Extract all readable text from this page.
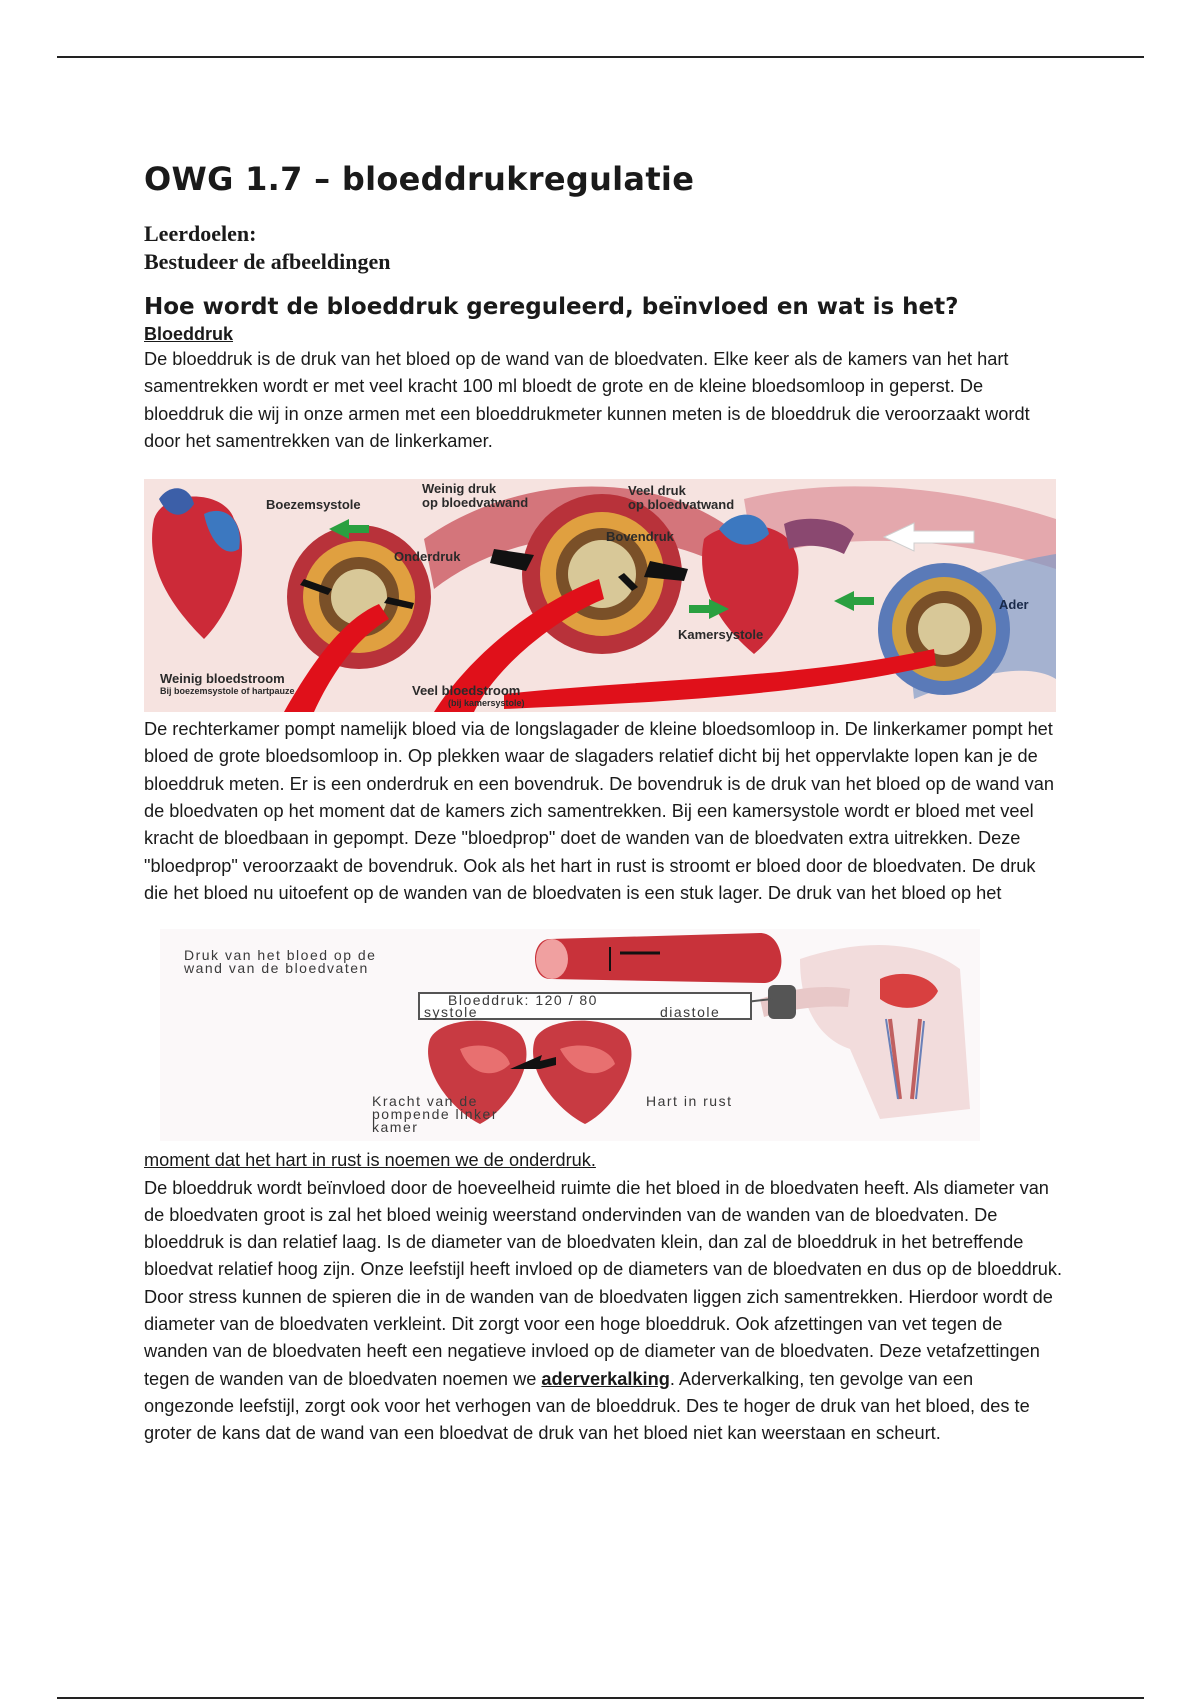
OWG 1.7 – bloeddrukregulatie

Leerdoelen:

Bestudeer de afbeeldingen

Hoe wordt de bloeddruk gereguleerd, beïnvloed en wat is het?

Bloeddruk

De bloeddruk is de druk van het bloed op de wand van de bloedvaten. Elke keer als de kamers van het hart samentrekken wordt er met veel kracht 100 ml bloedt de grote en de kleine bloedsomloop in geperst. De bloeddruk die wij in onze armen met een bloeddrukmeter kunnen meten is de bloeddruk die veroorzaakt wordt door het samentrekken van de linkerkamer.

Boezemsystole
Weinig druk
op bloedvatwand
Veel druk
op bloedvatwand
Onderdruk
Bovendruk
Kamersystole
Ader
Weinig bloedstroom
Bij boezemsystole of hartpauze	Veel bloedstroom
(bij kamersystole)

De rechterkamer pompt namelijk bloed via de longslagader de kleine bloedsomloop in. De linkerkamer pompt het bloed de grote bloedsomloop in. Op plekken waar de slagaders relatief dicht bij het oppervlakte lopen kan je de bloeddruk meten. Er is een onderdruk en een bovendruk. De bovendruk is de druk van het bloed op de wand van de bloedvaten op het moment dat de kamers zich samentrekken. Bij een kamersystole wordt er bloed met veel kracht de bloedbaan in gepompt. Deze "bloedprop" doet de wanden van de bloedvaten extra uitrekken. Deze "bloedprop" veroorzaakt de bovendruk. Ook als het hart in rust is stroomt er bloed door de bloedvaten. De druk die het bloed nu uitoefent op de wanden van de bloedvaten is een stuk lager. De druk van het bloed op het

Druk van het bloed op de
wand van de bloedvaten
Bloeddruk: 120 / 80
systole	diastole
Kracht van de
pompende linker
kamer
Hart in rust

moment dat het hart in rust is noemen we de onderdruk.

De bloeddruk wordt beïnvloed door de hoeveelheid ruimte die het bloed in de bloedvaten heeft. Als diameter van de bloedvaten groot is zal het bloed weinig weerstand ondervinden van de wanden van de bloedvaten. De bloeddruk is dan relatief laag. Is de diameter van de bloedvaten klein, dan zal de bloeddruk in het betreffende bloedvat relatief hoog zijn. Onze leefstijl heeft invloed op de diameters van de bloedvaten en dus op de bloeddruk. Door stress kunnen de spieren die in de wanden van de bloedvaten liggen zich samentrekken. Hierdoor wordt de diameter van de bloedvaten verkleint. Dit zorgt voor een hoge bloeddruk. Ook afzettingen van vet tegen de wanden van de bloedvaten heeft een negatieve invloed op de diameter van de bloedvaten. Deze vetafzettingen tegen de wanden van de bloedvaten noemen we aderverkalking. Aderverkalking, ten gevolge van een ongezonde leefstijl, zorgt ook voor het verhogen van de bloeddruk. Des te hoger de druk van het bloed, des te groter de kans dat de wand van een bloedvat de druk van het bloed niet kan weerstaan en scheurt.
